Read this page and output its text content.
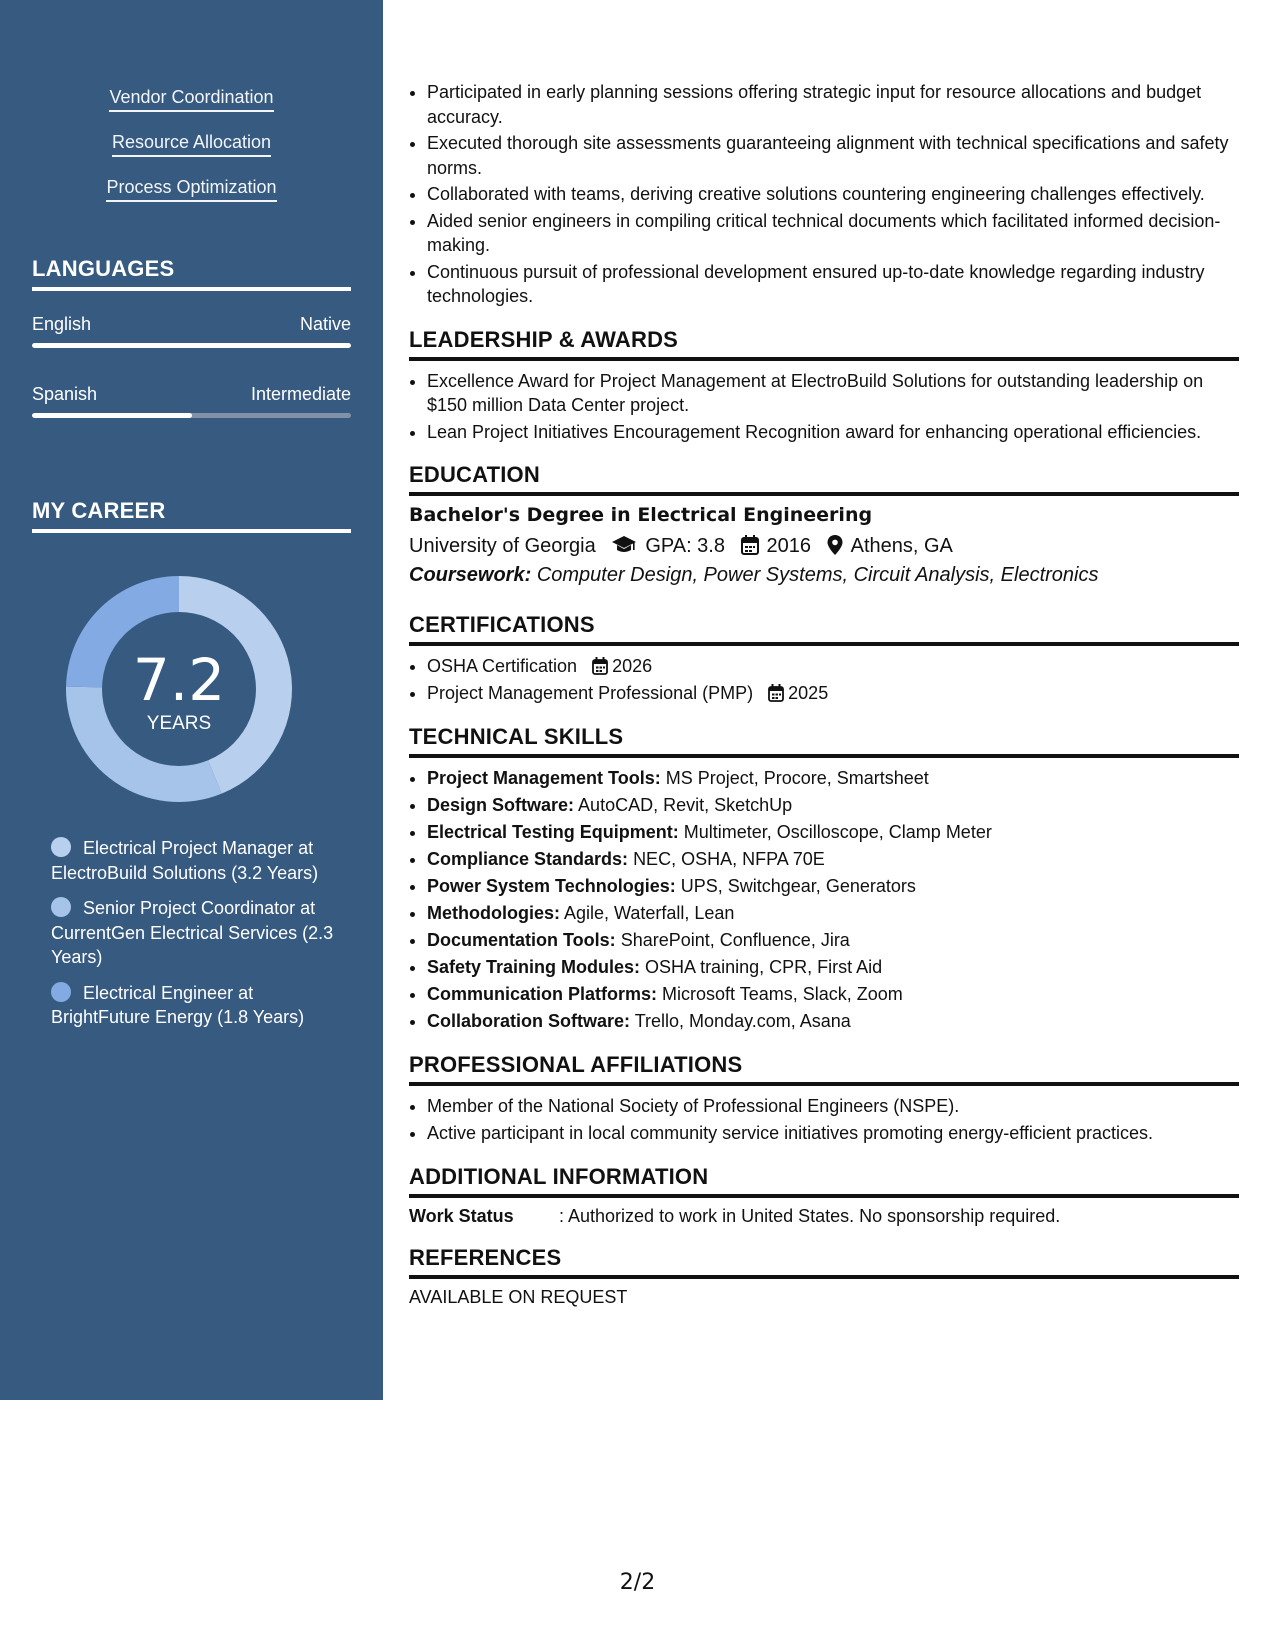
Vendor Coordination
Resource Allocation
Process Optimization
LANGUAGES
English	Native
Spanish	Intermediate
MY CAREER
7.2
YEARS
Electrical Project Manager at ElectroBuild Solutions (3.2 Years)
Senior Project Coordinator at CurrentGen Electrical Services (2.3 Years)
Electrical Engineer at BrightFuture Energy (1.8 Years)
• Participated in early planning sessions offering strategic input for resource allocations and budget accuracy.
• Executed thorough site assessments guaranteeing alignment with technical specifications and safety norms.
• Collaborated with teams, deriving creative solutions countering engineering challenges effectively.
• Aided senior engineers in compiling critical technical documents which facilitated informed decision-making.
• Continuous pursuit of professional development ensured up-to-date knowledge regarding industry technologies.
LEADERSHIP & AWARDS
• Excellence Award for Project Management at ElectroBuild Solutions for outstanding leadership on $150 million Data Center project.
• Lean Project Initiatives Encouragement Recognition award for enhancing operational efficiencies.
EDUCATION
Bachelor's Degree in Electrical Engineering
University of Georgia GPA: 3.8 2016 Athens, GA
Coursework: Computer Design, Power Systems, Circuit Analysis, Electronics
CERTIFICATIONS
• OSHA Certification 2026
• Project Management Professional (PMP) 2025
TECHNICAL SKILLS
• Project Management Tools: MS Project, Procore, Smartsheet
• Design Software: AutoCAD, Revit, SketchUp
• Electrical Testing Equipment: Multimeter, Oscilloscope, Clamp Meter
• Compliance Standards: NEC, OSHA, NFPA 70E
• Power System Technologies: UPS, Switchgear, Generators
• Methodologies: Agile, Waterfall, Lean
• Documentation Tools: SharePoint, Confluence, Jira
• Safety Training Modules: OSHA training, CPR, First Aid
• Communication Platforms: Microsoft Teams, Slack, Zoom
• Collaboration Software: Trello, Monday.com, Asana
PROFESSIONAL AFFILIATIONS
• Member of the National Society of Professional Engineers (NSPE).
• Active participant in local community service initiatives promoting energy-efficient practices.
ADDITIONAL INFORMATION
Work Status	: Authorized to work in United States. No sponsorship required.
REFERENCES
AVAILABLE ON REQUEST
2/2
